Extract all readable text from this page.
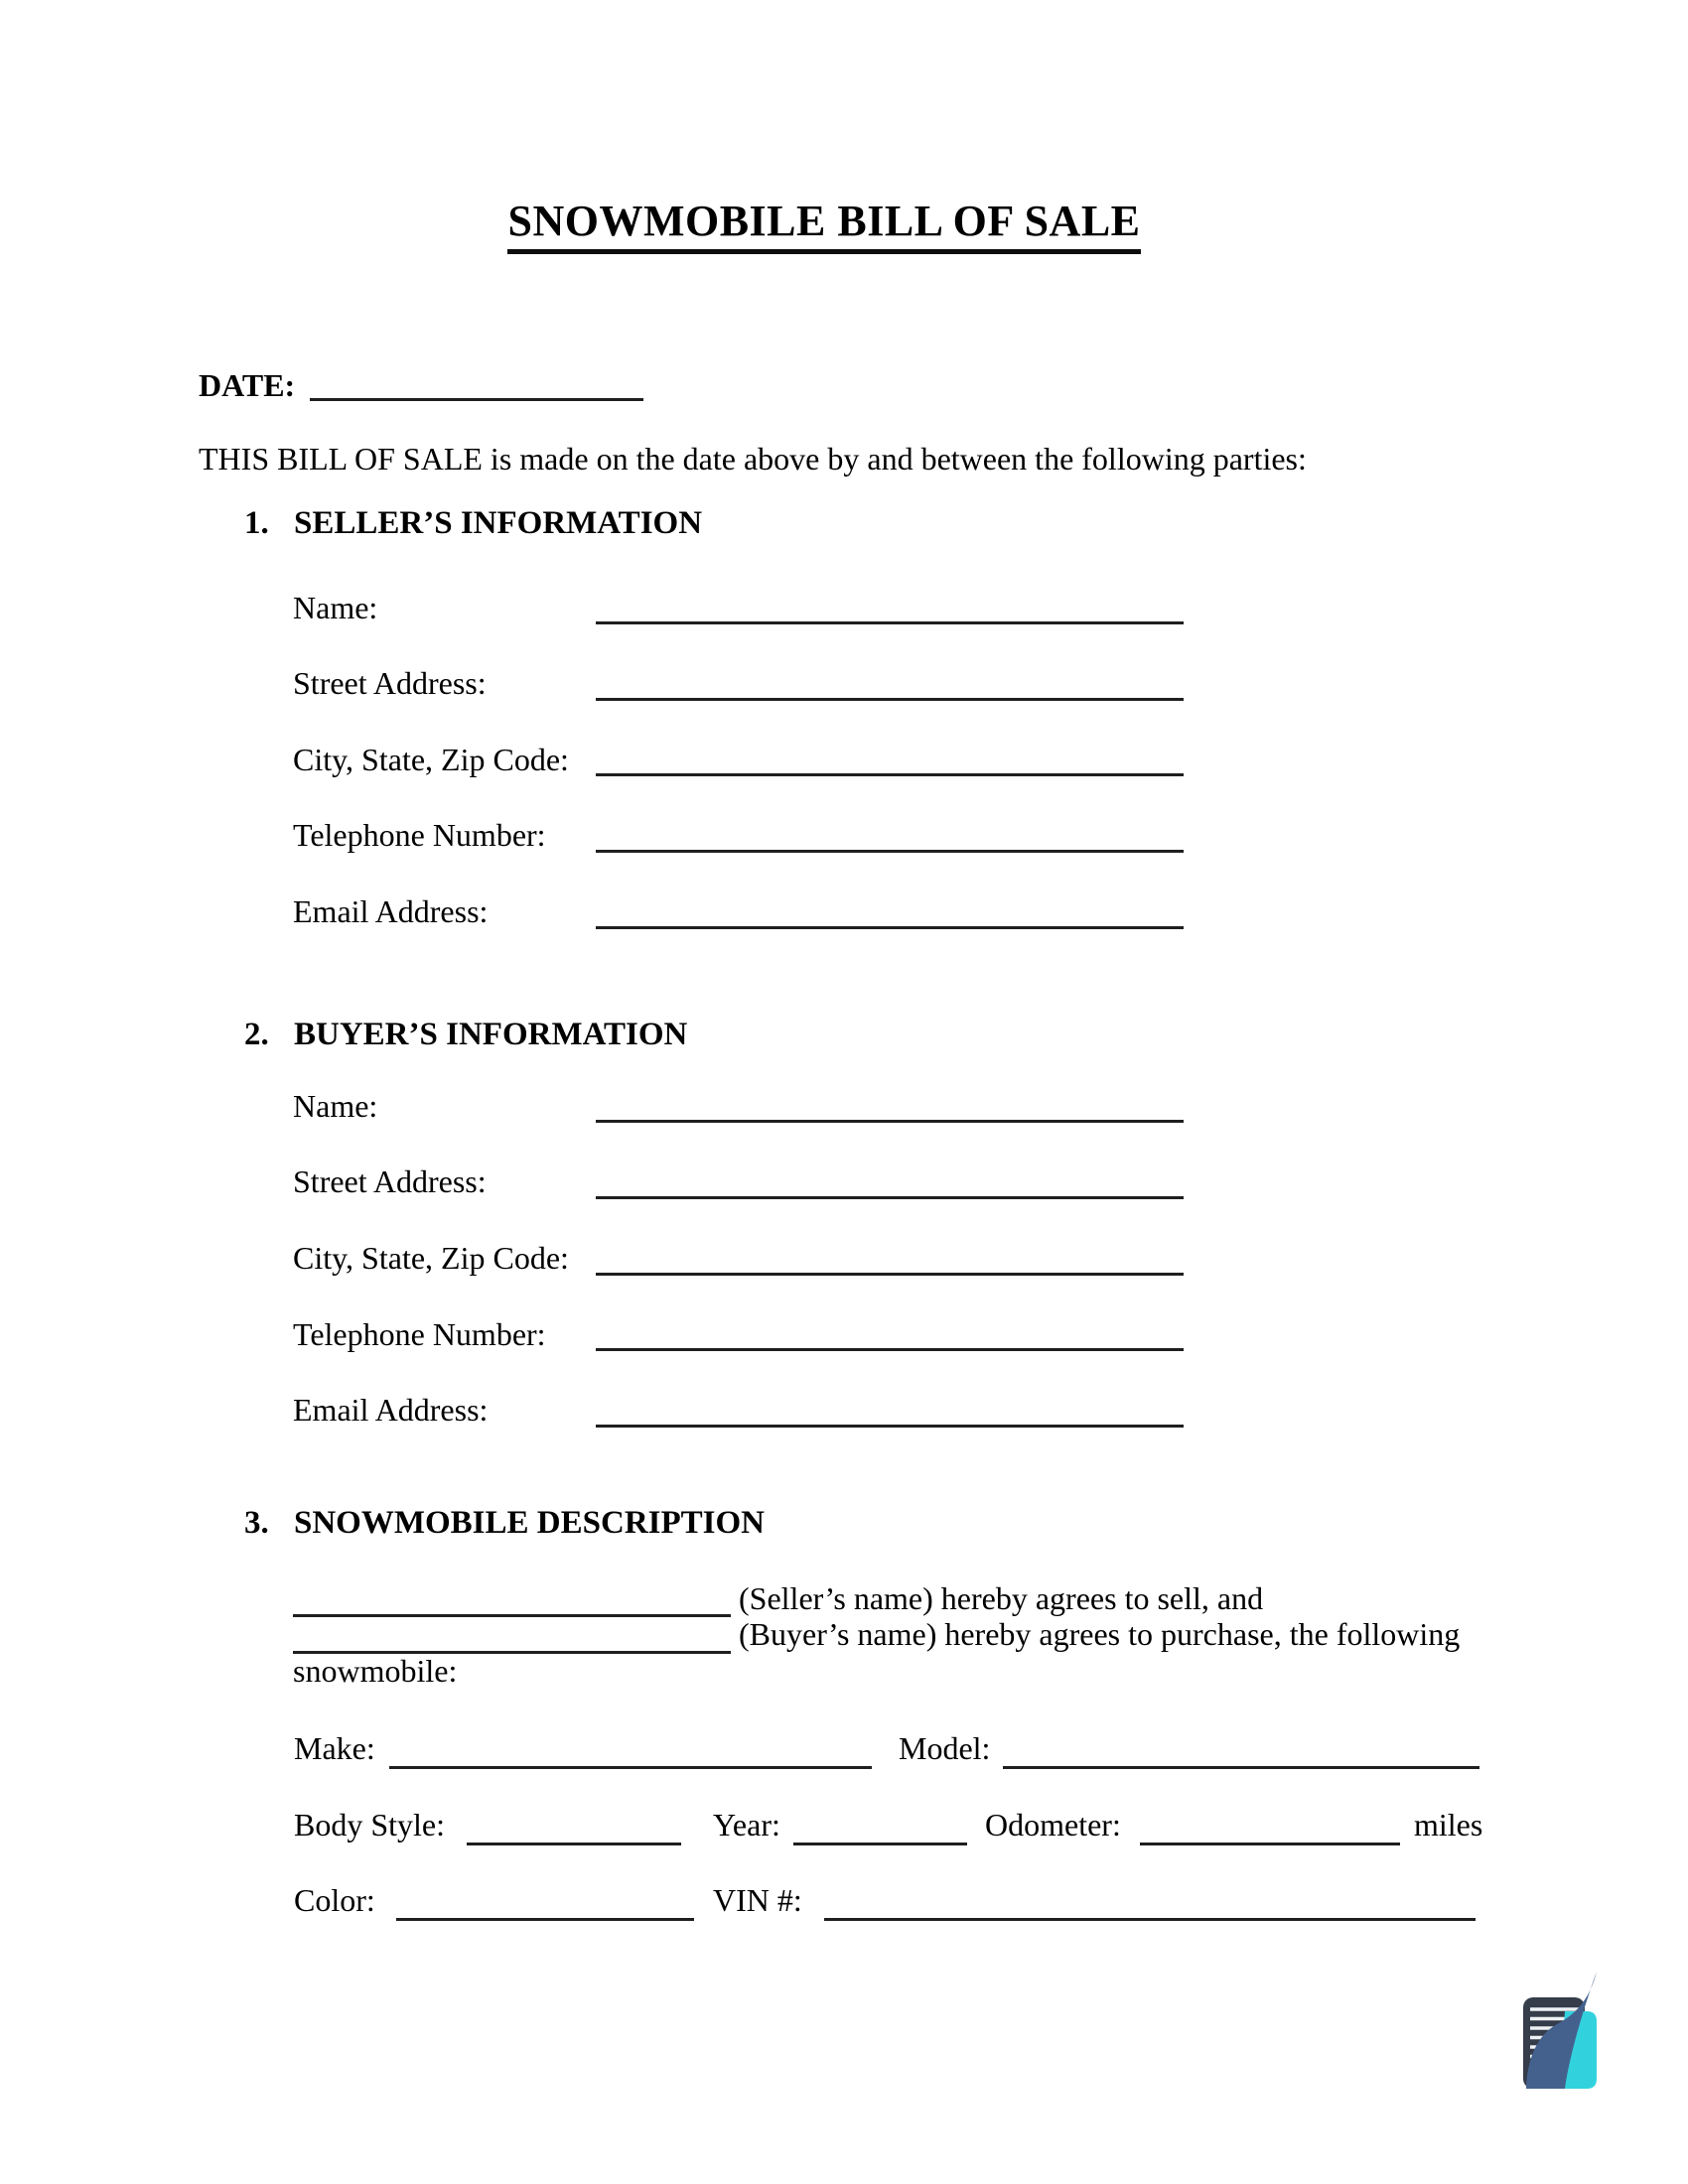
SNOWMOBILE BILL OF SALE
DATE:
THIS BILL OF SALE is made on the date above by and between the following parties:
1. SELLER’S INFORMATION
Name:
Street Address:
City, State, Zip Code:
Telephone Number:
Email Address:
2. BUYER’S INFORMATION
Name:
Street Address:
City, State, Zip Code:
Telephone Number:
Email Address:
3. SNOWMOBILE DESCRIPTION
(Seller’s name) hereby agrees to sell, and
(Buyer’s name) hereby agrees to purchase, the following
snowmobile:
Make:	Model:
Body Style:	Year:	Odometer:	miles
Color:	VIN #:
